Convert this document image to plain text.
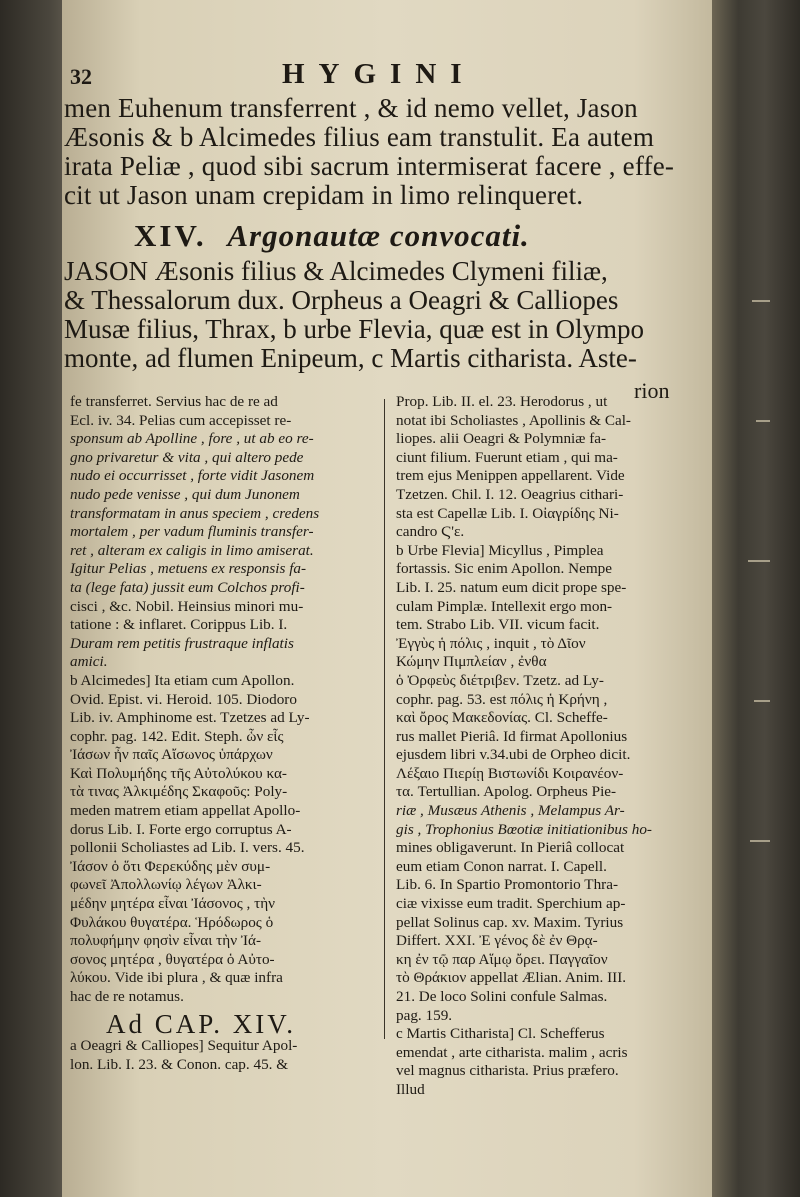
32	HYGINI

men Euhenum transferrent , & id nemo vellet, Jason

Æsonis & b Alcimedes filius eam transtulit. Ea autem

irata Peliæ , quod sibi sacrum intermiserat facere , effe-

cit ut Jason unam crepidam in limo relinqueret.

XIV. Argonautæ convocati.

JASON Æsonis filius & Alcimedes Clymeni filiæ,

& Thessalorum dux. Orpheus a Oeagri & Calliopes

Musæ filius, Thrax, b urbe Flevia, quæ est in Olympo

monte, ad flumen Enipeum, c Martis citharista. Aste-

rion

fe transferret. Servius hac de re ad

Ecl. iv. 34. Pelias cum accepisset re-

sponsum ab Apolline , fore , ut ab eo re-

gno privaretur & vita , qui altero pede

nudo ei occurrisset , forte vidit Jasonem

nudo pede venisse , qui dum Junonem

transformatam in anus speciem , credens

mortalem , per vadum fluminis transfer-

ret , alteram ex caligis in limo amiserat.

Igitur Pelias , metuens ex responsis fa-

ta (lege fata) jussit eum Colchos profi-

cisci , &c. Nobil. Heinsius minori mu-

tatione : & inflaret. Corippus Lib. I.

Duram rem petitis frustraque inflatis

amici.

b Alcimedes] Ita etiam cum Apollon.

Ovid. Epist. vi. Heroid. 105. Diodoro

Lib. iv. Amphinome est. Tzetzes ad Ly-

cophr. pag. 142. Edit. Steph. ὧν εἷς

Ἰάσων ἦν παῖς Αἴσωνος ὑπάρχων

Καὶ Πολυμήδης τῆς Αὐτολύκου κα-

τὰ τινας Ἀλκιμέδης Σκαφοῦς: Poly-

meden matrem etiam appellat Apollo-

dorus Lib. I. Forte ergo corruptus A-

pollonii Scholiastes ad Lib. I. vers. 45.

Ἰάσον ὁ ὅτι Φερεκύδης μὲν συμ-

φωνεῖ Ἀπολλωνίῳ λέγων Ἀλκι-

μέδην μητέρα εἶναι Ἰάσονος , τὴν

Φυλάκου θυγατέρα. Ἡρόδωρος ὁ

πολυφήμην φησὶν εἶναι τὴν Ἰά-

σονος μητέρα , θυγατέρα ὁ Αὐτο-

λύκου. Vide ibi plura , & quæ infra

hac de re notamus.

Ad CAP. XIV.

a Oeagri & Calliopes] Sequitur Apol-

lon. Lib. I. 23. & Conon. cap. 45. &

Prop. Lib. II. el. 23. Herodorus , ut

notat ibi Scholiastes , Apollinis & Cal-

liopes. alii Oeagri & Polymniæ fa-

ciunt filium. Fuerunt etiam , qui ma-

trem ejus Menippen appellarent. Vide

Tzetzen. Chil. I. 12. Oeagrius cithari-

sta est Capellæ Lib. I. Οἰαγρίδης Ni-

candro Ϛ'ε.

b Urbe Flevia] Micyllus , Pimplea

fortassis. Sic enim Apollon. Nempe

Lib. I. 25. natum eum dicit prope spe-

culam Pimplæ. Intellexit ergo mon-

tem. Strabo Lib. VII. vicum facit.

Ἐγγὺς ἡ πόλις , inquit , τὸ Δῖον

Κώμην Πιμπλείαν , ἐνθα

ὁ Ὀρφεὺς διέτριβεν. Tzetz. ad Ly-

cophr. pag. 53. est πόλις ἡ Κρήνη ,

καὶ ὄρος Μακεδονίας. Cl. Scheffe-

rus mallet Pieriâ. Id firmat Apollonius

ejusdem libri v.34.ubi de Orpheo dicit.

Λέξαιο Πιερίῃ Βιστωνίδι Κοιρανέον-

τα. Tertullian. Apolog. Orpheus Pie-

riæ , Musæus Athenis , Melampus Ar-

gis , Trophonius Bœotiæ initiationibus ho-

mines obligaverunt. In Pieriâ collocat

eum etiam Conon narrat. I. Capell.

Lib. 6. In Spartio Promontorio Thra-

ciæ vixisse eum tradit. Sperchium ap-

pellat Solinus cap. xv. Maxim. Tyrius

Differt. XXI. Ἐ γένος δὲ ἐν Θρᾳ-

κη ἐν τῷ παρ Αἵμῳ ὄρει. Παγγαῖον

τὸ Θράκιον appellat Ælian. Anim. III.

21. De loco Solini confule Salmas.

pag. 159.

c Martis Citharista] Cl. Schefferus

emendat , arte citharista. malim , acris

vel magnus citharista. Prius præfero.

Illud
